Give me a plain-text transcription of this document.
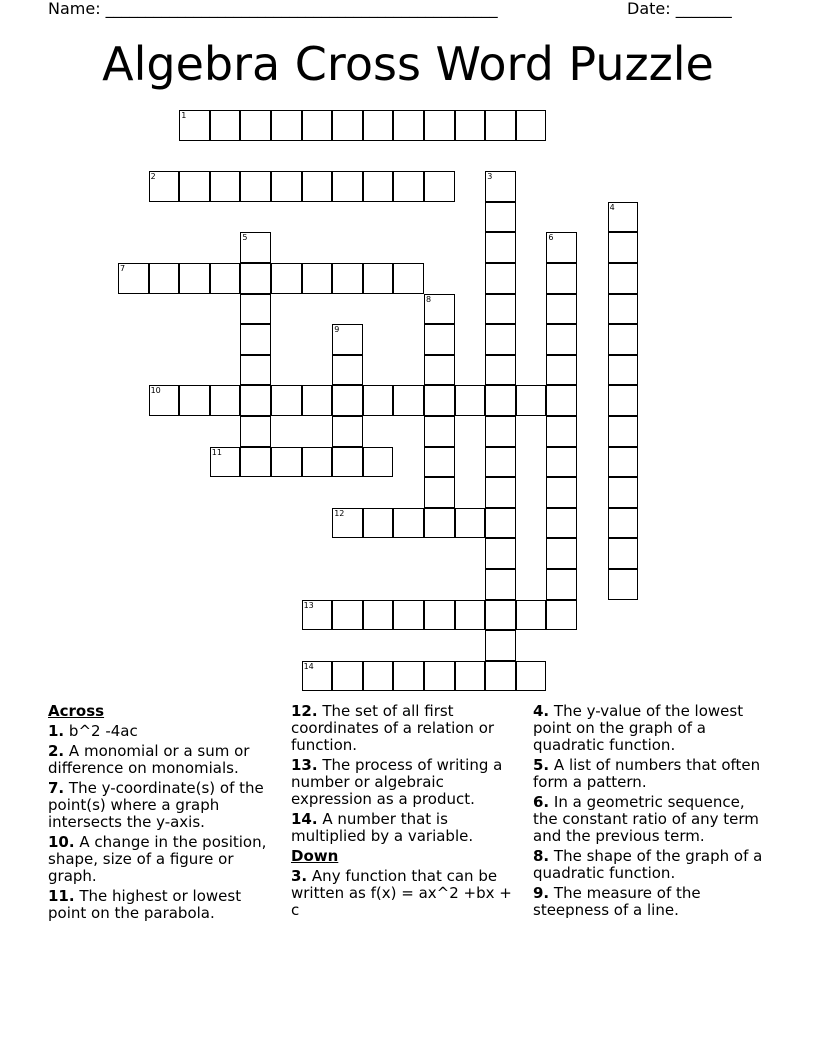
Name: _________________________________________________	Date: _______
Algebra Cross Word Puzzle
1
2	3
4
5	6
7
8
9
10
11
12
13
14
Across
1. b^2 -4ac
2. A monomial or a sum or difference on monomials.
7. The y-coordinate(s) of the point(s) where a graph intersects the y-axis.
10. A change in the position, shape, size of a figure or graph.
11. The highest or lowest point on the parabola.
12. The set of all first coordinates of a relation or function.
13. The process of writing a number or algebraic expression as a product.
14. A number that is multiplied by a variable.
Down
3. Any function that can be written as f(x) = ax^2 +bx + c
4. The y-value of the lowest point on the graph of a quadratic function.
5. A list of numbers that often form a pattern.
6. In a geometric sequence, the constant ratio of any term and the previous term.
8. The shape of the graph of a quadratic function.
9. The measure of the steepness of a line.
